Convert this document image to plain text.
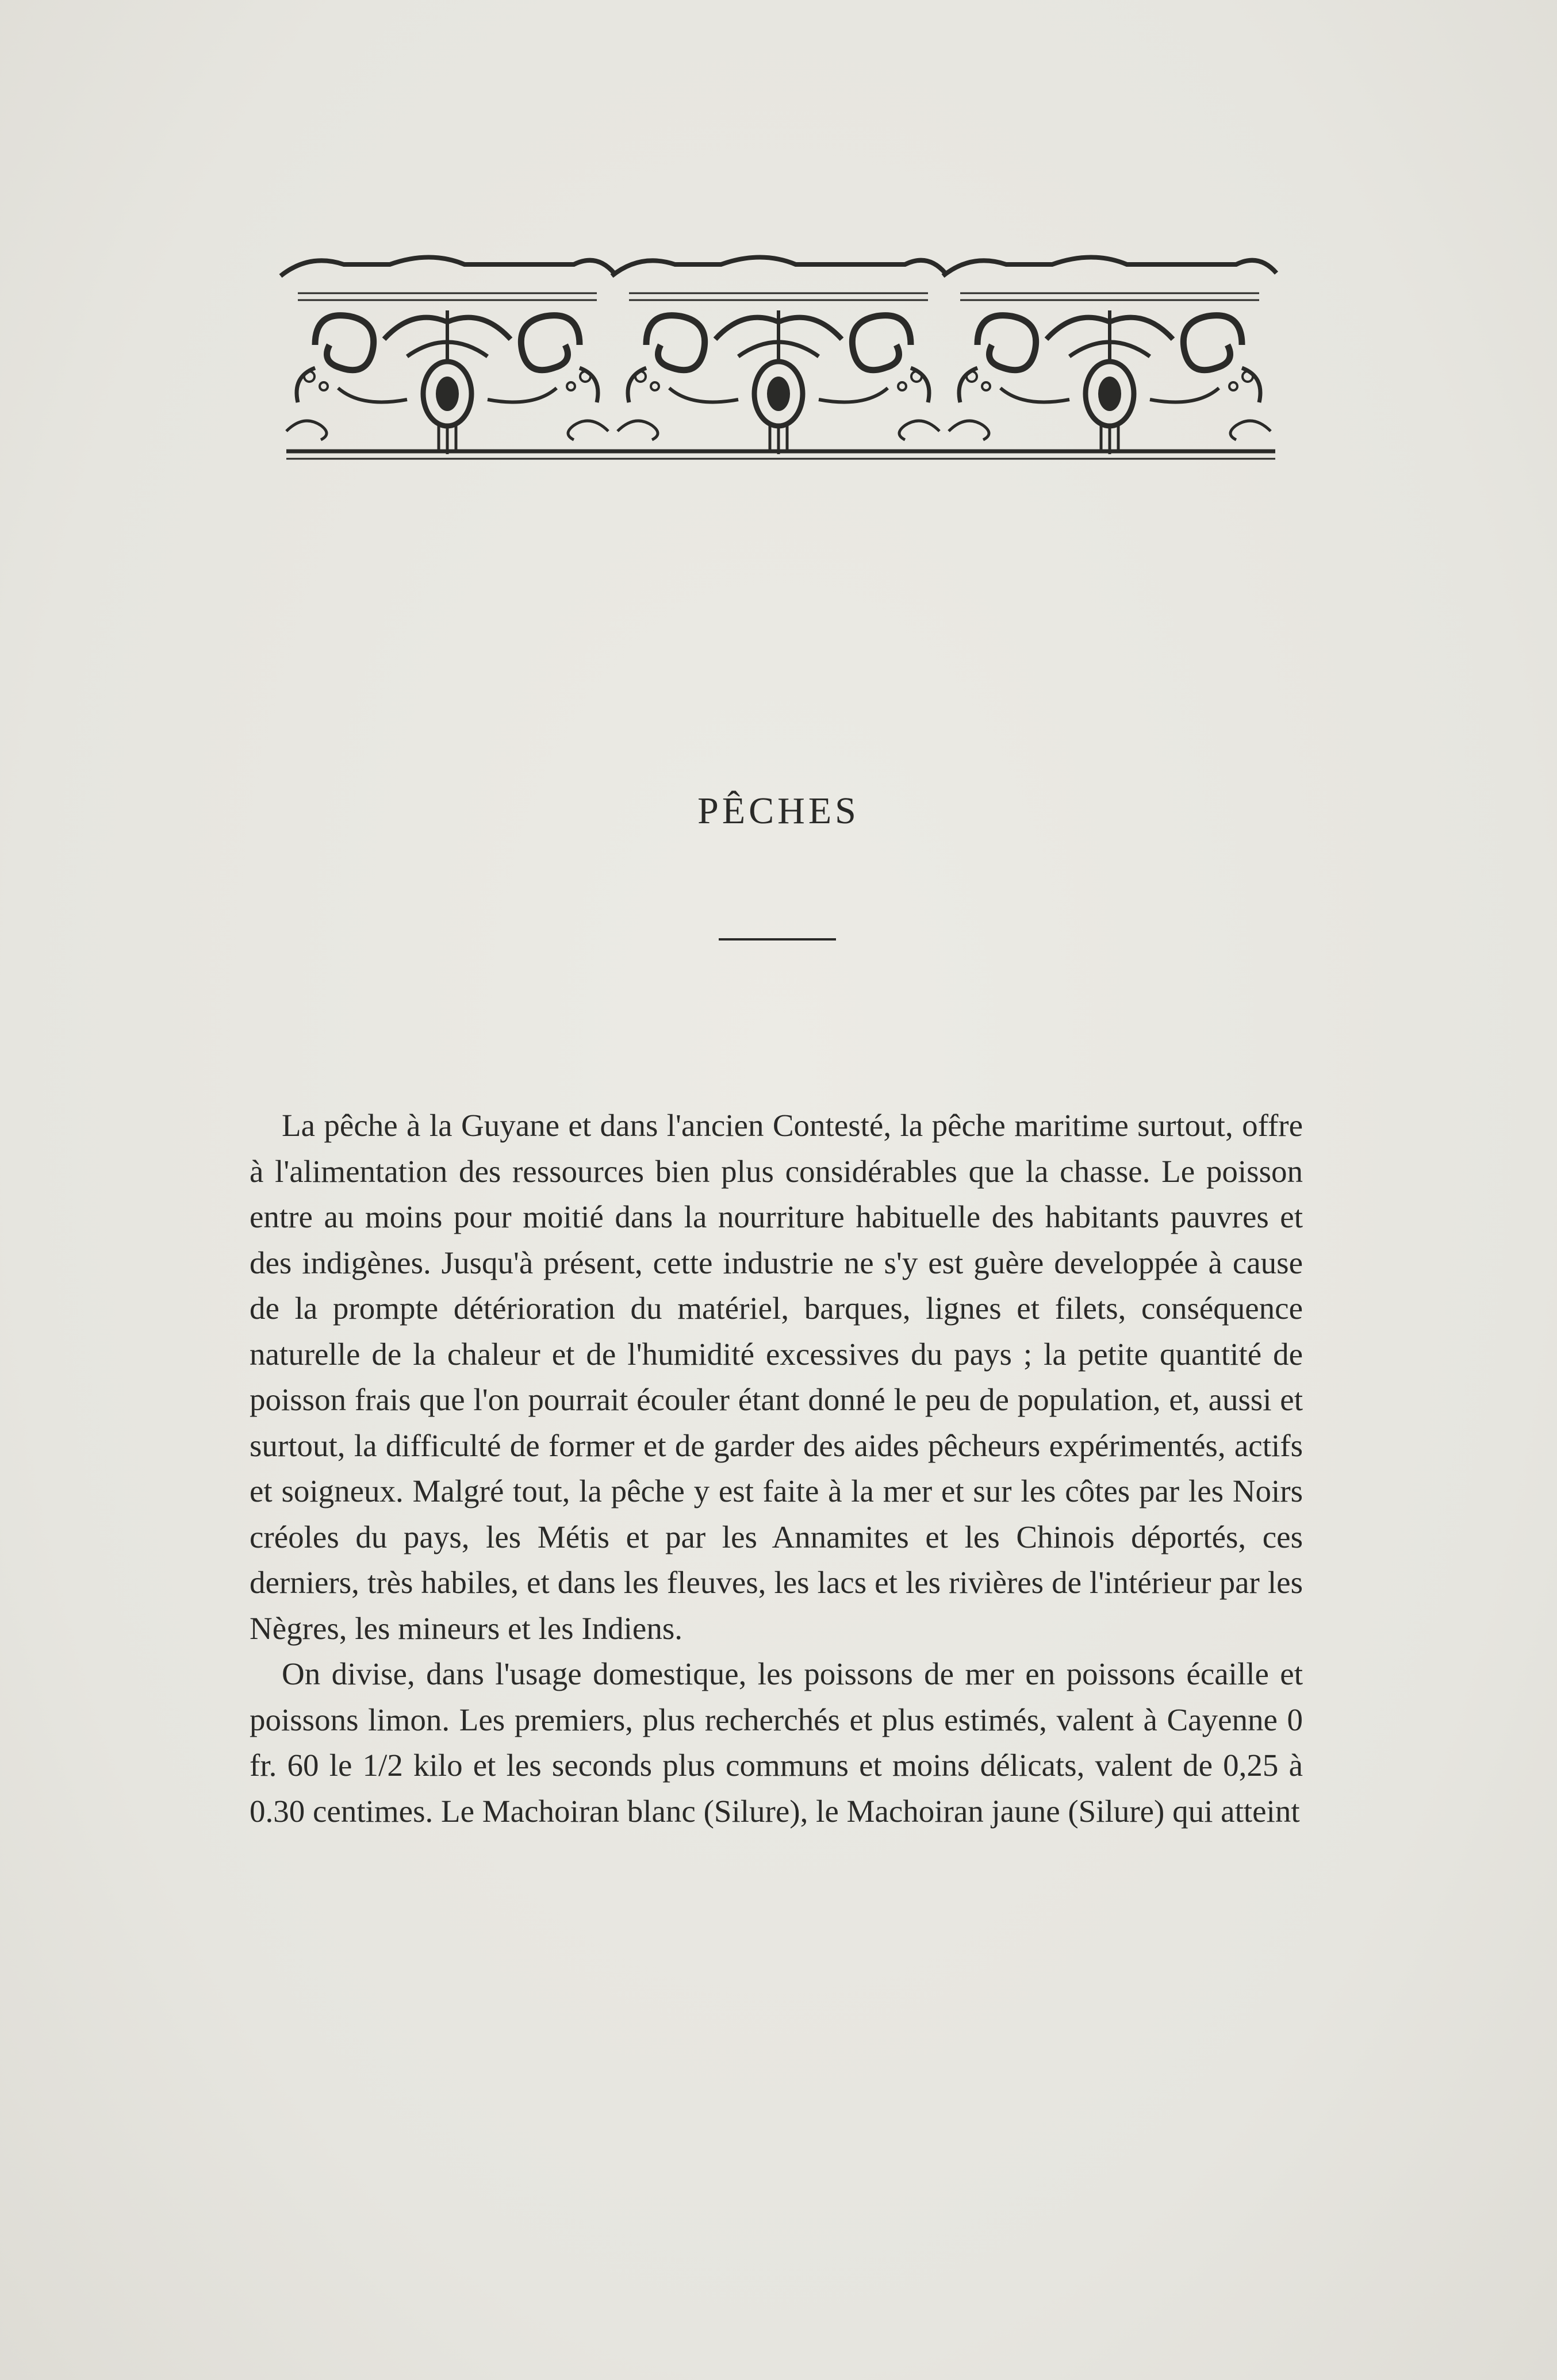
PÊCHES

La pêche à la Guyane et dans l'ancien Contesté, la pêche maritime surtout, offre à l'alimentation des ressources bien plus considérables que la chasse. Le poisson entre au moins pour moitié dans la nourriture habituelle des habitants pauvres et des indigènes. Jusqu'à présent, cette industrie ne s'y est guère developpée à cause de la prompte détérioration du matériel, barques, lignes et filets, conséquence naturelle de la chaleur et de l'humidité excessives du pays ; la petite quantité de poisson frais que l'on pourrait écouler étant donné le peu de population, et, aussi et surtout, la difficulté de former et de garder des aides pêcheurs expérimentés, actifs et soigneux. Malgré tout, la pêche y est faite à la mer et sur les côtes par les Noirs créoles du pays, les Métis et par les Annamites et les Chinois déportés, ces derniers, très habiles, et dans les fleuves, les lacs et les rivières de l'intérieur par les Nègres, les mineurs et les Indiens.

On divise, dans l'usage domestique, les poissons de mer en poissons écaille et poissons limon. Les premiers, plus recherchés et plus estimés, valent à Cayenne 0 fr. 60 le 1/2 kilo et les seconds plus communs et moins délicats, valent de 0,25 à 0.30 centimes. Le Machoiran blanc (Silure), le Machoiran jaune (Silure) qui atteint
